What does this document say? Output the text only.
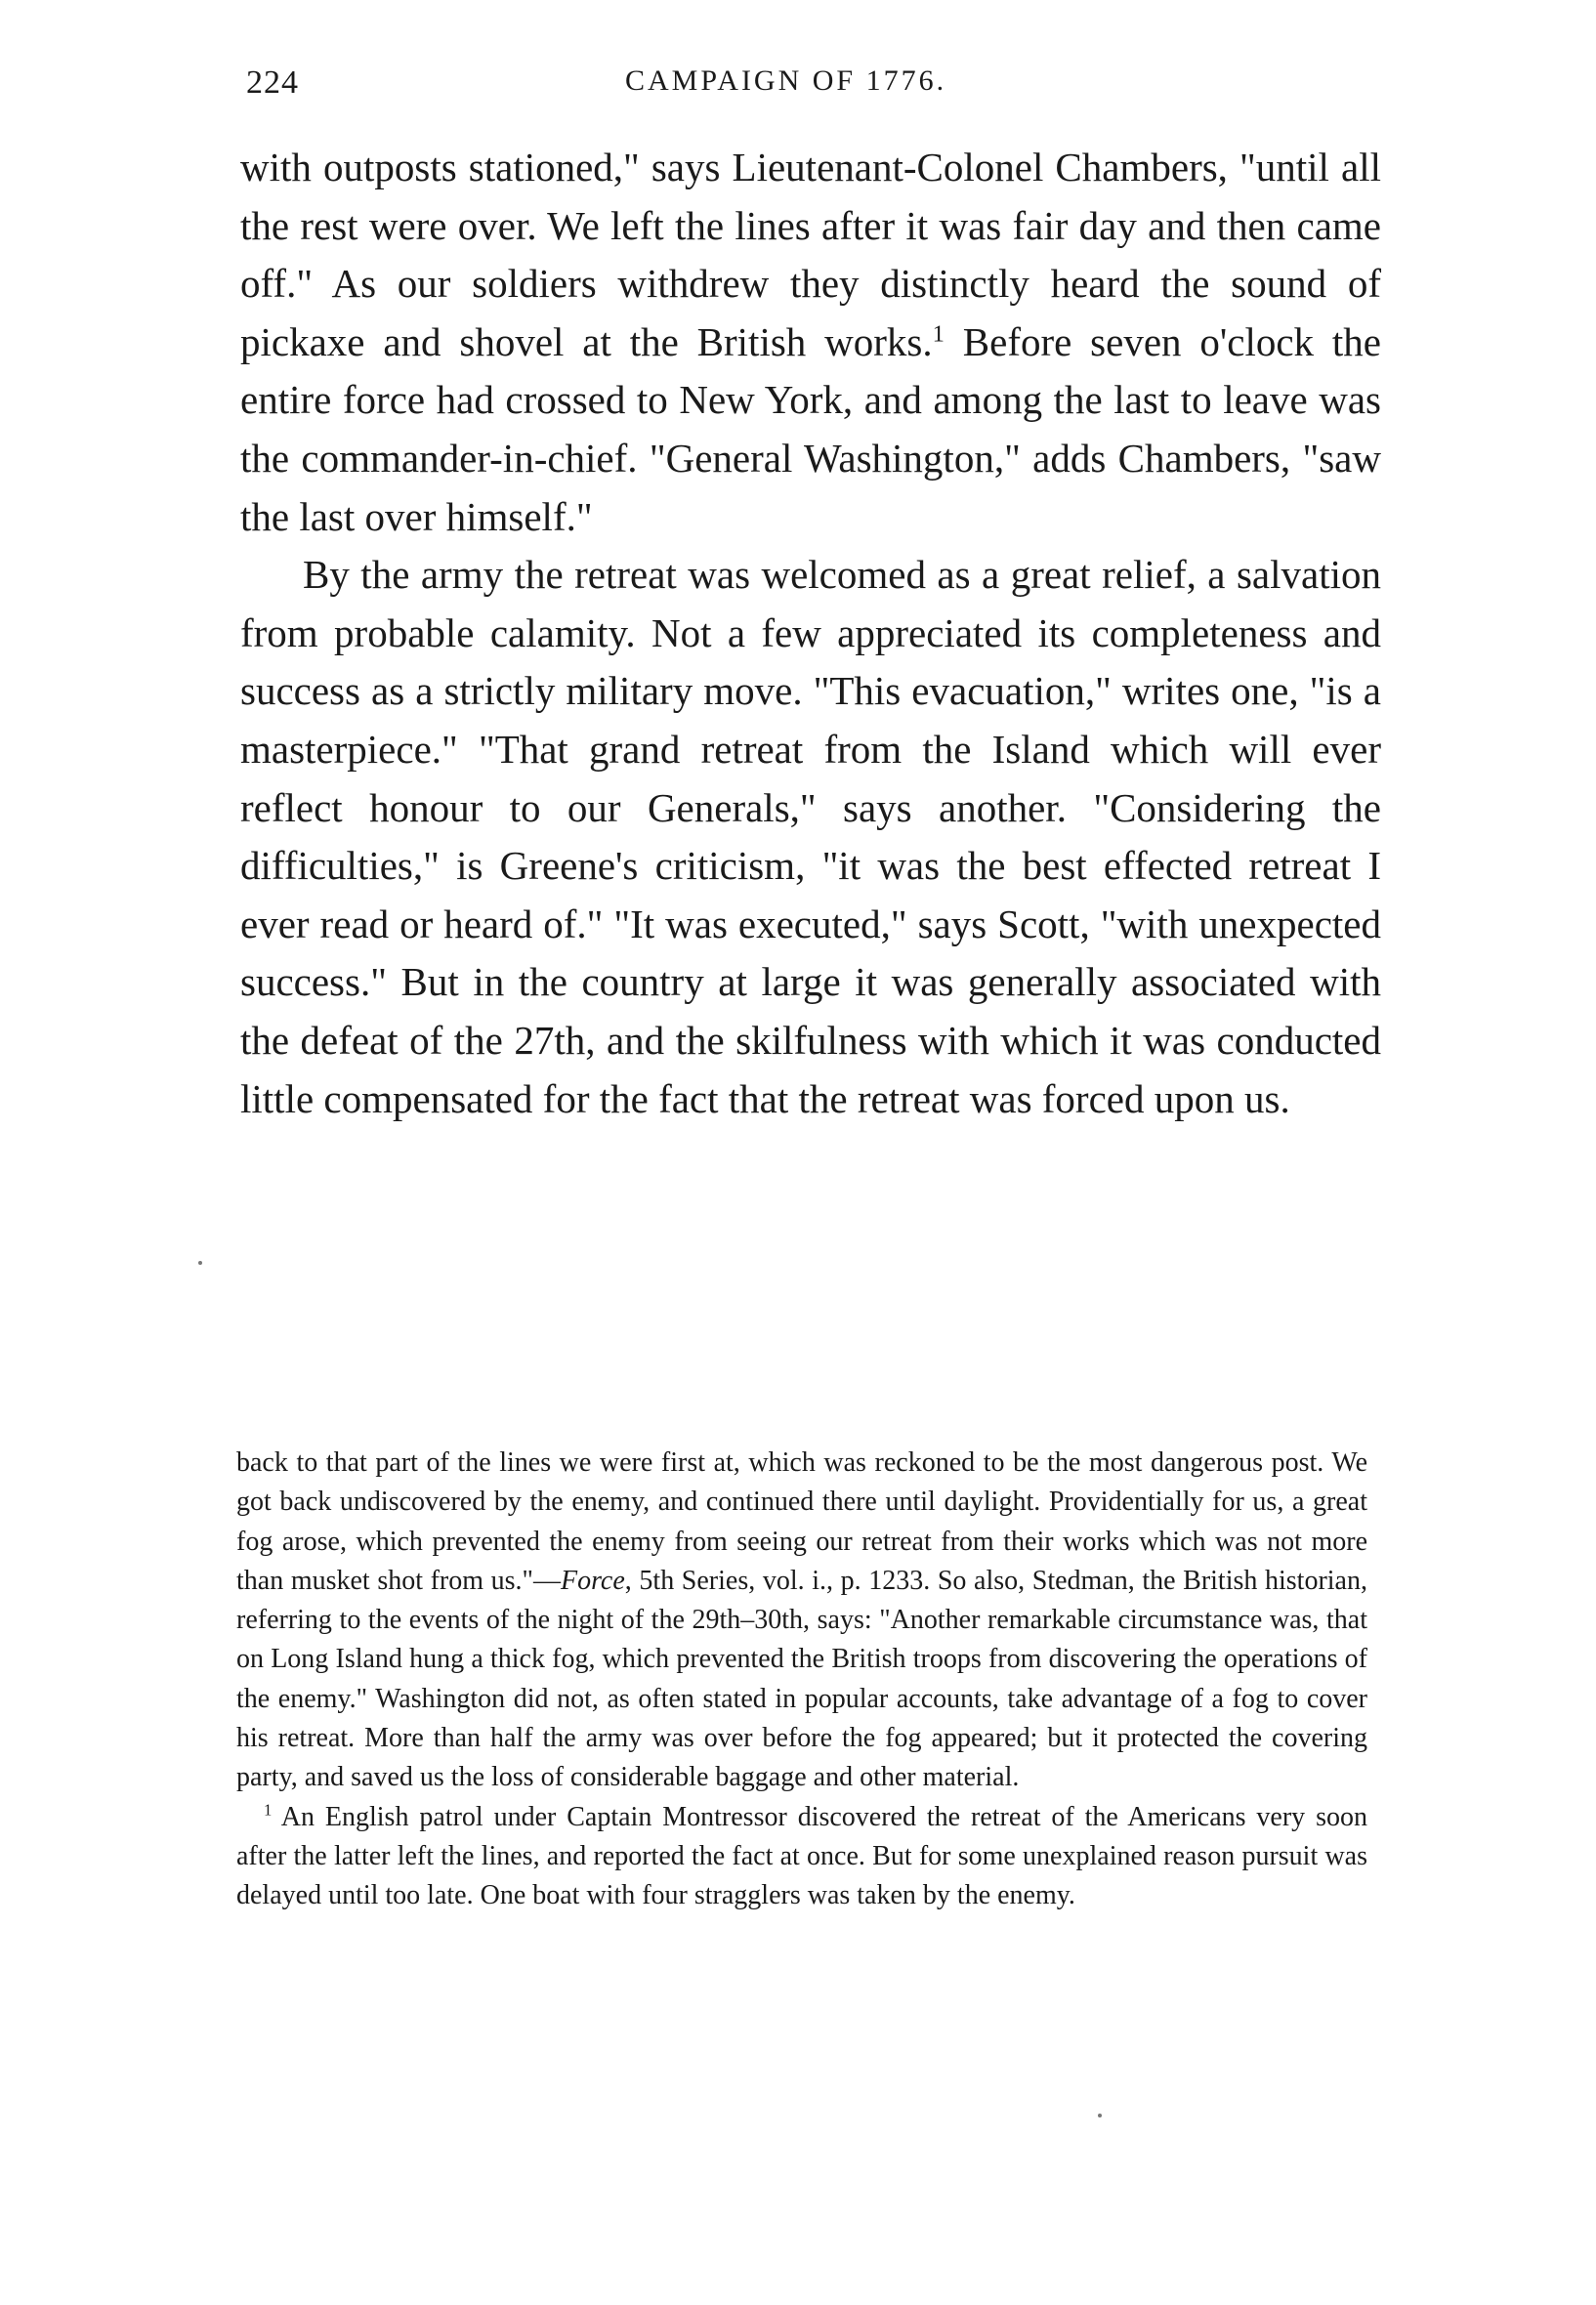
224	CAMPAIGN OF 1776.

with outposts stationed," says Lieutenant-Colonel Chambers, "until all the rest were over. We left the lines after it was fair day and then came off." As our soldiers withdrew they distinctly heard the sound of pickaxe and shovel at the British works.$^1$ Before seven o'clock the entire force had crossed to New York, and among the last to leave was the commander-in-chief. "General Washington," adds Chambers, "saw the last over himself."

By the army the retreat was welcomed as a great relief, a salvation from probable calamity. Not a few appreciated its completeness and success as a strictly military move. "This evacuation," writes one, "is a masterpiece." "That grand retreat from the Island which will ever reflect honour to our Generals," says another. "Considering the difficulties," is Greene's criticism, "it was the best effected retreat I ever read or heard of." "It was executed," says Scott, "with unexpected success." But in the country at large it was generally associated with the defeat of the 27th, and the skilfulness with which it was conducted little compensated for the fact that the retreat was forced upon us.

back to that part of the lines we were first at, which was reckoned to be the most dangerous post. We got back undiscovered by the enemy, and continued there until daylight. Providentially for us, a great fog arose, which prevented the enemy from seeing our retreat from their works which was not more than musket shot from us."—Force, 5th Series, vol. i., p. 1233. So also, Stedman, the British historian, referring to the events of the night of the 29th–30th, says: "Another remarkable circumstance was, that on Long Island hung a thick fog, which prevented the British troops from discovering the operations of the enemy." Washington did not, as often stated in popular accounts, take advantage of a fog to cover his retreat. More than half the army was over before the fog appeared; but it protected the covering party, and saved us the loss of considerable baggage and other material.

$^1$ An English patrol under Captain Montressor discovered the retreat of the Americans very soon after the latter left the lines, and reported the fact at once. But for some unexplained reason pursuit was delayed until too late. One boat with four stragglers was taken by the enemy.
